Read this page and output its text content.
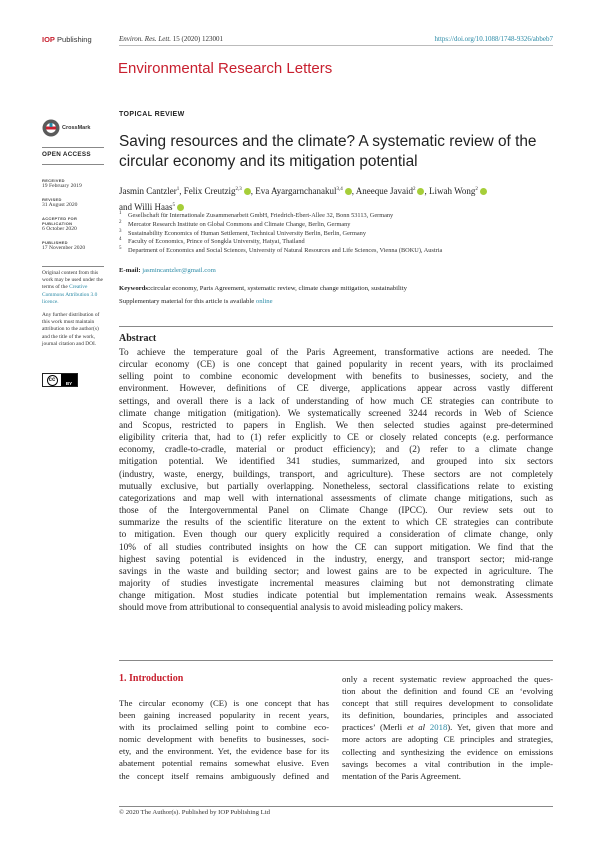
IOP Publishing	Environ. Res. Lett. 15 (2020) 123001	https://doi.org/10.1088/1748-9326/abbeb7
Environmental Research Letters
CrossMark
OPEN ACCESS
RECEIVED
19 February 2019
REVISED
31 August 2020
ACCEPTED FOR PUBLICATION
6 October 2020
PUBLISHED
17 November 2020
Original content from this work may be used under the terms of the Creative Commons Attribution 3.0 licence.
Any further distribution of this work must maintain attribution to the author(s) and the title of the work, journal citation and DOI.
cc
BY
TOPICAL REVIEW
Saving resources and the climate? A systematic review of the circular economy and its mitigation potential
Jasmin Cantzler$^1$, Felix Creutzig$^{2,3}$ , Eva Ayargarnchanakul$^{3,4}$ , Aneeque Javaid$^2$ , Liwah Wong$^2$
and Willi Haas$^5$
1 Gesellschaft für Internationale Zusammenarbeit GmbH, Friedrich-Ebert-Allee 32, Bonn 53113, Germany
2 Mercator Research Institute on Global Commons and Climate Change, Berlin, Germany
3 Sustainability Economics of Human Settlement, Technical University Berlin, Berlin, Germany
4 Faculty of Economics, Prince of Songkla University, Hatyai, Thailand
5 Department of Economics and Social Sciences, University of Natural Resources and Life Sciences, Vienna (BOKU), Austria
E-mail: jasmincantzler@gmail.com
Keywords:circular economy, Paris Agreement, systematic review, climate change mitigation, sustainability
Supplementary material for this article is available online
Abstract
To achieve the temperature goal of the Paris Agreement, transformative actions are needed. The
circular economy (CE) is one concept that gained popularity in recent years, with its proclaimed
selling point to combine economic development with benefits to businesses, society, and the
environment. However, definitions of CE diverge, applications appear across vastly different
settings, and overall there is a lack of understanding of how much CE strategies can contribute to
climate change mitigation (mitigation). We systematically screened 3244 records in Web of Science
and Scopus, restricted to papers in English. We then selected studies against pre-determined
eligibility criteria that, had to (1) refer explicitly to CE or closely related concepts (e.g. performance
economy, cradle-to-cradle, material or product efficiency); and (2) refer to a climate change
mitigation potential. We identified 341 studies, summarized, and grouped into six sectors
(industry, waste, energy, buildings, transport, and agriculture). These sectors are not completely
mutually exclusive, but partially overlapping. Nonetheless, sectoral classifications relate to existing
categorizations and map well with international assessments of climate change mitigations, such as
those of the Intergovernmental Panel on Climate Change (IPCC). Our review sets out to
summarize the results of the scientific literature on the extent to which CE strategies can contribute
to mitigation. Even though our query explicitly required a consideration of climate change, only
10% of all studies contributed insights on how the CE can support mitigation. We find that the
highest saving potential is evidenced in the industry, energy, and transport sector; mid-range
savings in the waste and building sector; and lowest gains are to be expected in agriculture. The
majority of studies investigate incremental measures claiming but not demonstrating climate
change mitigation. Most studies indicate potential but implementation remains weak. Assessments
should move from attributional to consequential analysis to avoid misleading policy makers.
1. Introduction
The circular economy (CE) is one concept that has
been gaining increased popularity in recent years,
with its proclaimed selling point to combine eco-
nomic development with benefits to businesses, soci-
ety, and the environment. Yet, the evidence base for its
abatement potential remains somewhat elusive. Even
the concept itself remains ambiguously defined and
only a recent systematic review approached the ques-
tion about the definition and found CE an ‘evolving
concept that still requires development to consolidate
its definition, boundaries, principles and associated
practices’ (Merli et al 2018). Yet, given that more and
more actors are adopting CE principles and strategies,
collecting and synthesizing the evidence on emissions
savings becomes a vital contribution in the imple-
mentation of the Paris Agreement.
© 2020 The Author(s). Published by IOP Publishing Ltd
